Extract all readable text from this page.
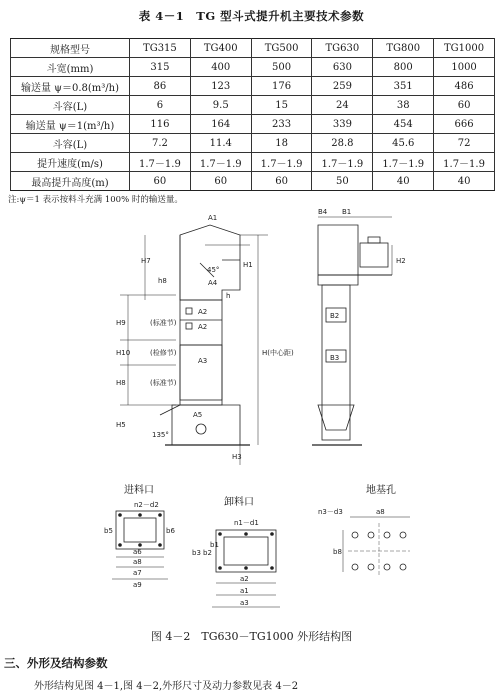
表 4－1　TG 型斗式提升机主要技术参数
规格型号	TG315	TG400	TG500	TG630	TG800	TG1000
斗宽(mm)	315	400	500	630	800	1000
输送量 ψ＝0.8(m³/h)	86	123	176	259	351	486
斗容(L)	6	9.5	15	24	38	60
输送量 ψ＝1(m³/h)	116	164	233	339	454	666
斗容(L)	7.2	11.4	18	28.8	45.6	72
提升速度(m/s)	1.7－1.9	1.7－1.9	1.7－1.9	1.7－1.9	1.7－1.9	1.7－1.9
最高提升高度(m)	60	60	60	50	40	40
注:ψ＝1 表示按料斗充满 100% 时的输送量。
A1
H7
h8
45°
A4
H1
h
A2
A2
A3
A5
H9
H10
H8
H5
(标准节)
(检修节)
(标准节)
135°
H3
H(中心距)
B4 B1
H2
B2
B3
进料口
n2－d2
b5	b6
a6
a8
a7
a9
卸料口
n1－d1
b3 b2
b1
a2
a1
a3
地基孔
n3－d3	a8
b8
图 4－2　TG630－TG1000 外形结构图
三、外形及结构参数
外形结构见图 4－1,图 4－2,外形尺寸及动力参数见表 4－2
